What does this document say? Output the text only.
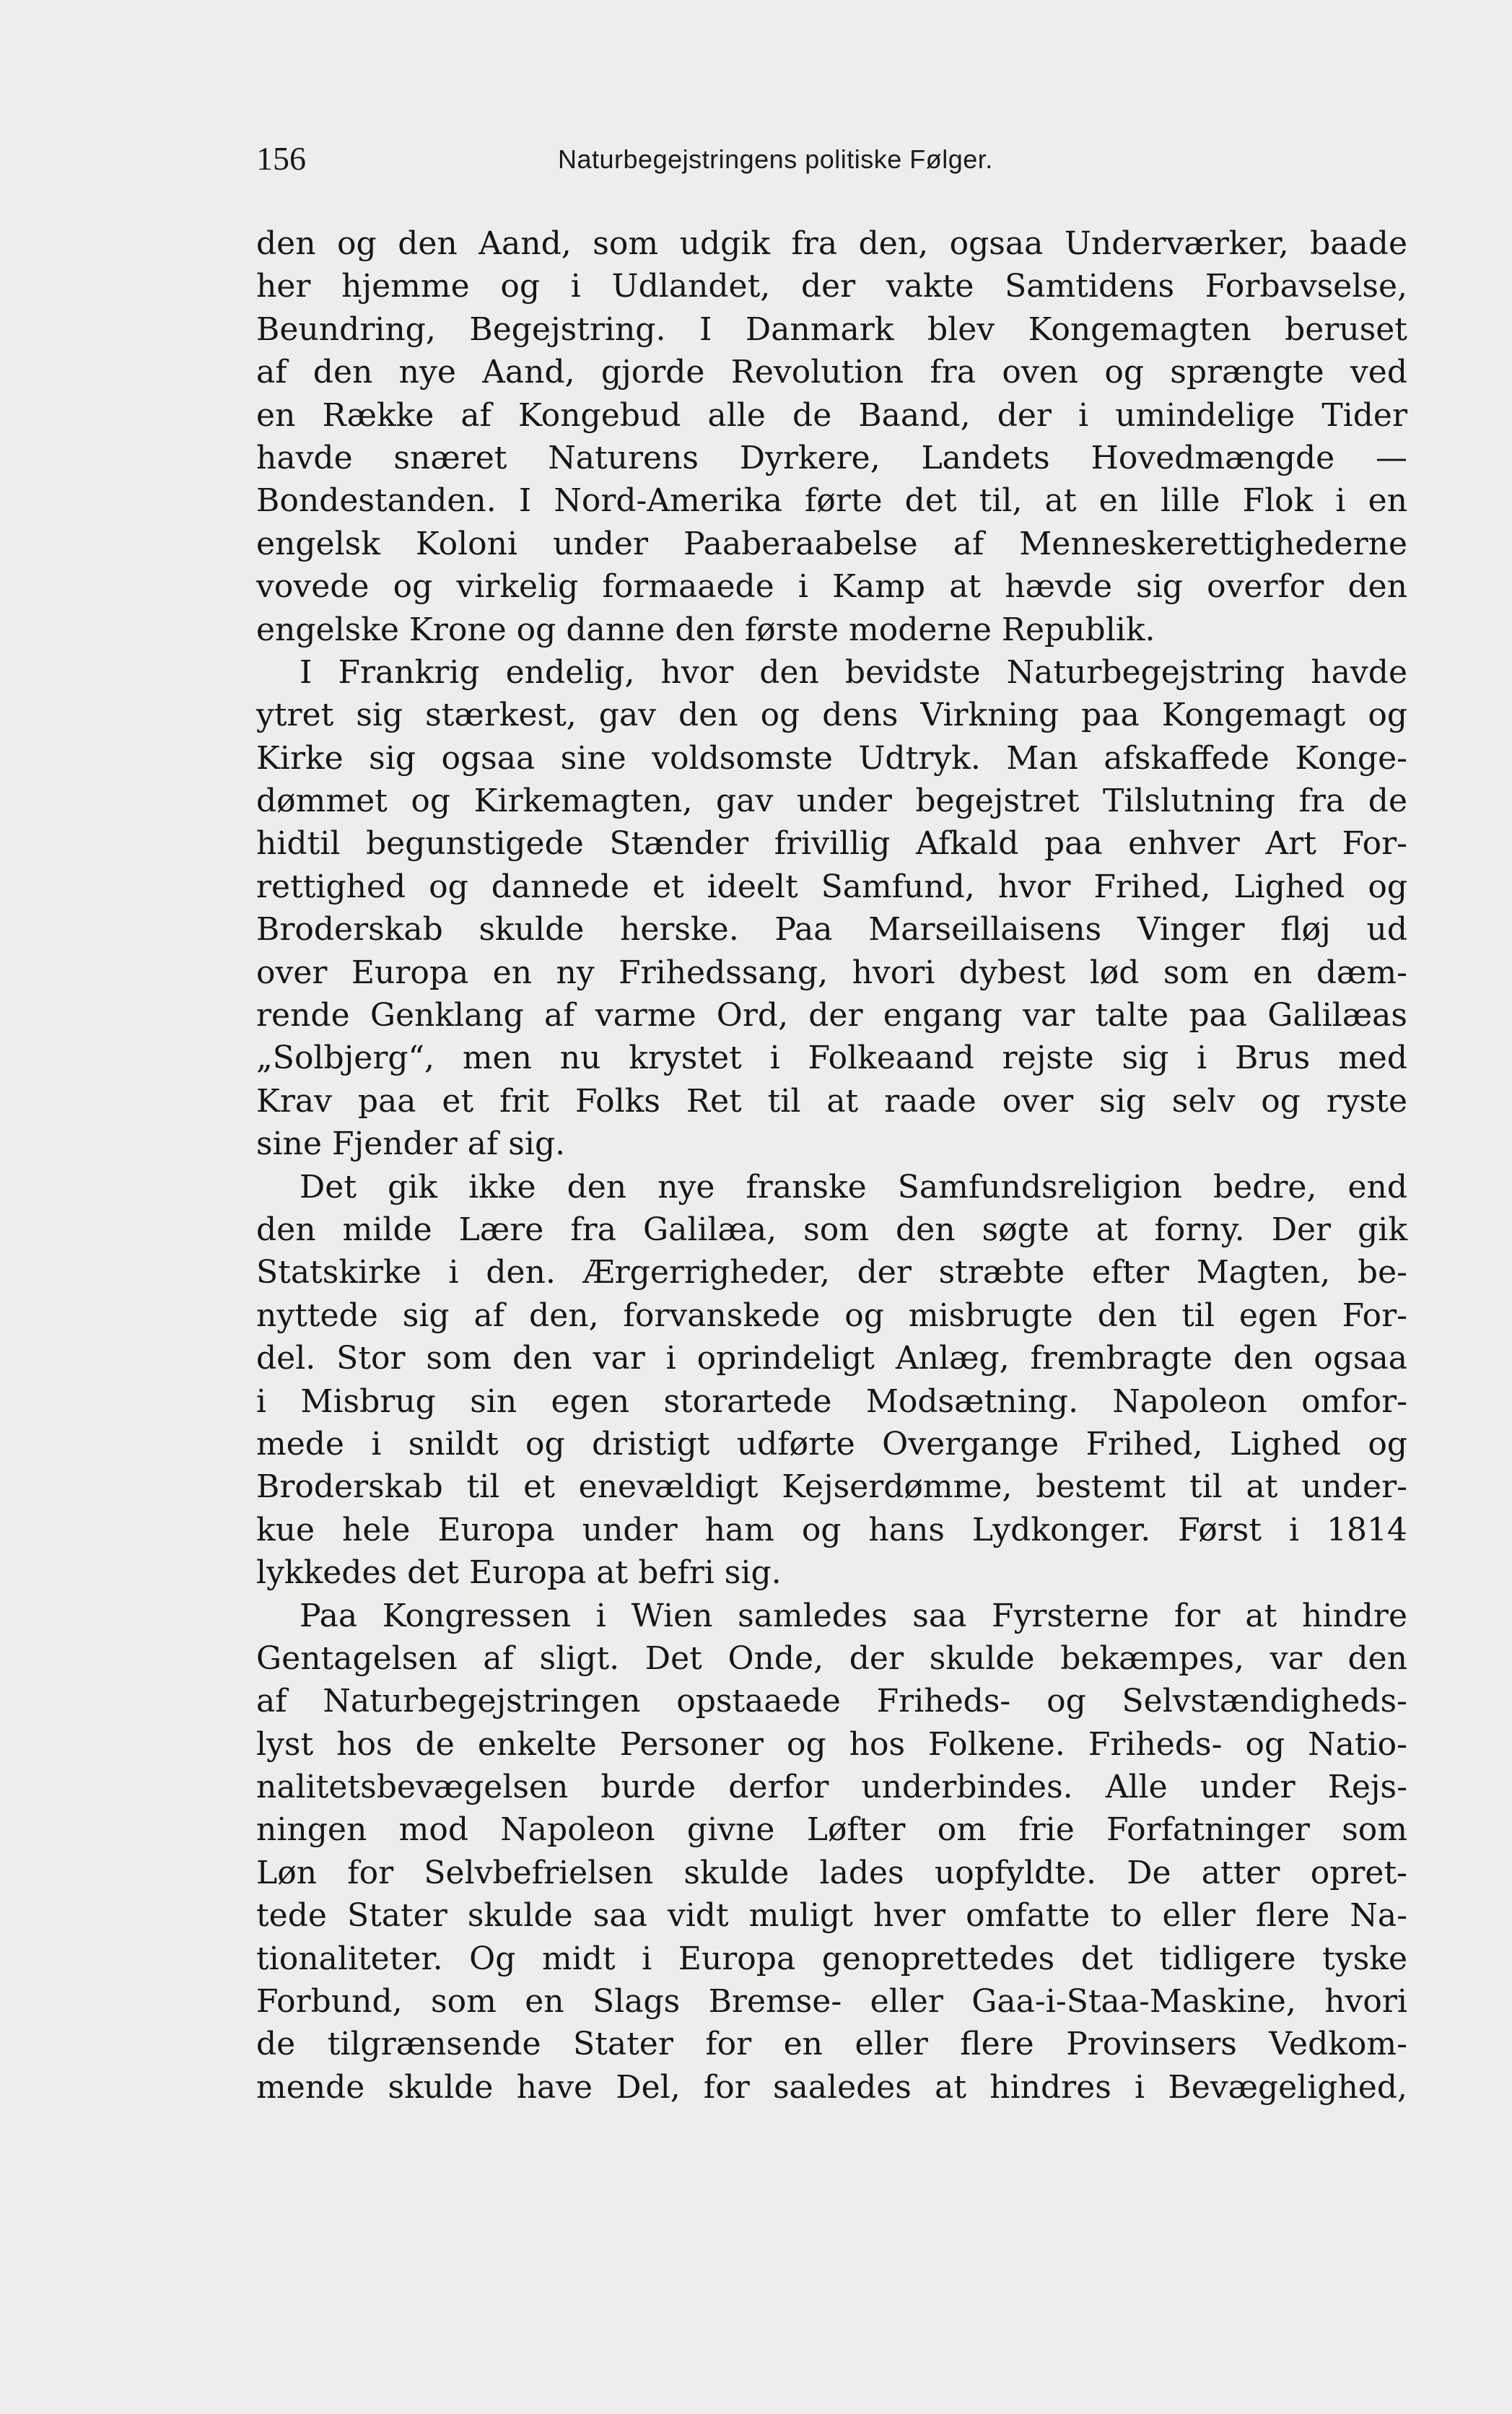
156	Naturbegejstringens politiske Følger.
den og den Aand, som udgik fra den, ogsaa Underværker, baade
her hjemme og i Udlandet, der vakte Samtidens Forbavselse,
Beundring, Begejstring. I Danmark blev Kongemagten beruset
af den nye Aand, gjorde Revolution fra oven og sprængte ved
en Række af Kongebud alle de Baand, der i umindelige Tider
havde snæret Naturens Dyrkere, Landets Hovedmængde —
Bondestanden. I Nord-Amerika førte det til, at en lille Flok i en
engelsk Koloni under Paaberaabelse af Menneskerettighederne
vovede og virkelig formaaede i Kamp at hævde sig overfor den
engelske Krone og danne den første moderne Republik.
I Frankrig endelig, hvor den bevidste Naturbegejstring havde
ytret sig stærkest, gav den og dens Virkning paa Kongemagt og
Kirke sig ogsaa sine voldsomste Udtryk. Man afskaffede Konge-
dømmet og Kirkemagten, gav under begejstret Tilslutning fra de
hidtil begunstigede Stænder frivillig Afkald paa enhver Art For-
rettighed og dannede et ideelt Samfund, hvor Frihed, Lighed og
Broderskab skulde herske. Paa Marseillaisens Vinger fløj ud
over Europa en ny Frihedssang, hvori dybest lød som en dæm-
rende Genklang af varme Ord, der engang var talte paa Galilæas
„Solbjerg“, men nu krystet i Folkeaand rejste sig i Brus med
Krav paa et frit Folks Ret til at raade over sig selv og ryste
sine Fjender af sig.
Det gik ikke den nye franske Samfundsreligion bedre, end
den milde Lære fra Galilæa, som den søgte at forny. Der gik
Statskirke i den. Ærgerrigheder, der stræbte efter Magten, be-
nyttede sig af den, forvanskede og misbrugte den til egen For-
del. Stor som den var i oprindeligt Anlæg, frembragte den ogsaa
i Misbrug sin egen storartede Modsætning. Napoleon omfor-
mede i snildt og dristigt udførte Overgange Frihed, Lighed og
Broderskab til et enevældigt Kejserdømme, bestemt til at under-
kue hele Europa under ham og hans Lydkonger. Først i 1814
lykkedes det Europa at befri sig.
Paa Kongressen i Wien samledes saa Fyrsterne for at hindre
Gentagelsen af sligt. Det Onde, der skulde bekæmpes, var den
af Naturbegejstringen opstaaede Friheds- og Selvstændigheds-
lyst hos de enkelte Personer og hos Folkene. Friheds- og Natio-
nalitetsbevægelsen burde derfor underbindes. Alle under Rejs-
ningen mod Napoleon givne Løfter om frie Forfatninger som
Løn for Selvbefrielsen skulde lades uopfyldte. De atter opret-
tede Stater skulde saa vidt muligt hver omfatte to eller flere Na-
tionaliteter. Og midt i Europa genoprettedes det tidligere tyske
Forbund, som en Slags Bremse- eller Gaa-i-Staa-Maskine, hvori
de tilgrænsende Stater for en eller flere Provinsers Vedkom-
mende skulde have Del, for saaledes at hindres i Bevægelighed,
